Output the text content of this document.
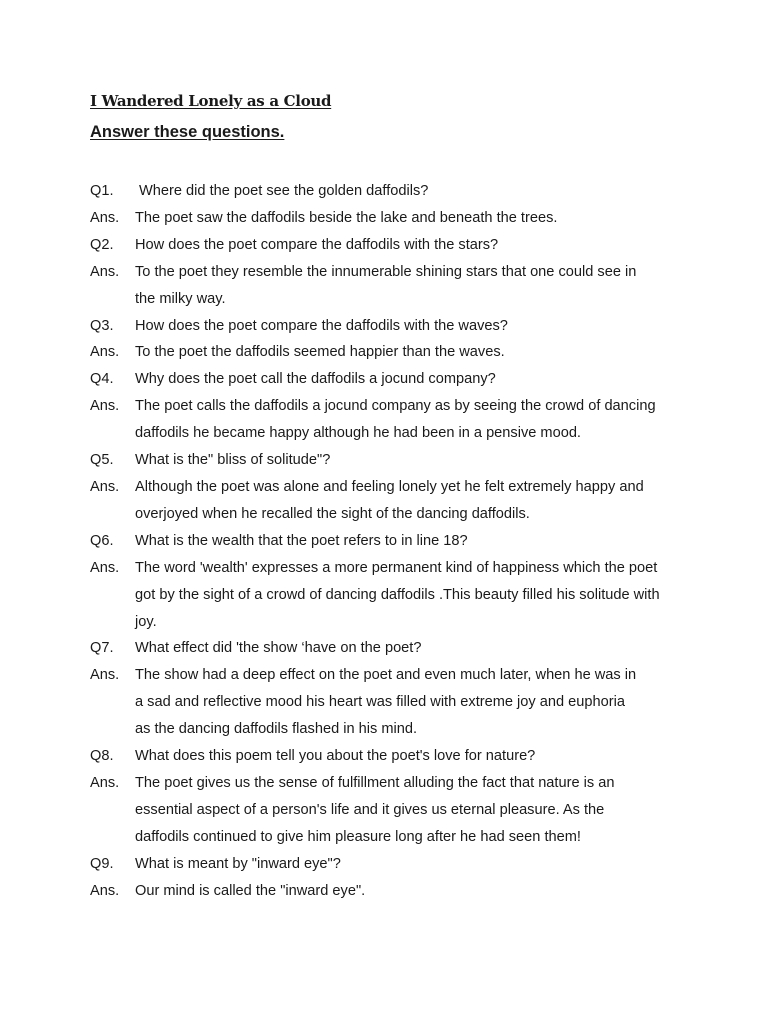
I Wandered Lonely as a Cloud
Answer these questions.
Q1.	Where did the poet see the golden daffodils?
Ans.	The poet saw the daffodils beside the lake and beneath the trees.
Q2.	How does the poet compare the daffodils with the stars?
Ans.	To the poet they resemble the innumerable shining stars that one could see in
the milky way.
Q3.	How does the poet compare the daffodils with the waves?
Ans.	To the poet the daffodils seemed happier than the waves.
Q4.	Why does the poet call the daffodils a jocund company?
Ans.	The poet calls the daffodils a jocund company as by seeing the crowd of dancing
daffodils he became happy although he had been in a pensive mood.
Q5.	What is the" bliss of solitude"?
Ans.	Although the poet was alone and feeling lonely yet he felt extremely happy and
overjoyed when he recalled the sight of the dancing daffodils.
Q6.	What is the wealth that the poet refers to in line 18?
Ans.	The word 'wealth' expresses a more permanent kind of happiness which the poet
got by the sight of a crowd of dancing daffodils .This beauty filled his solitude with
joy.
Q7.	What effect did 'the show ‘have on the poet?
Ans.	The show had a deep effect on the poet and even much later, when he was in
a sad and reflective mood his heart was filled with extreme joy and euphoria
as the dancing daffodils flashed in his mind.
Q8.	What does this poem tell you about the poet's love for nature?
Ans.	The poet gives us the sense of fulfillment alluding the fact that nature is an
essential aspect of a person's life and it gives us eternal pleasure. As the
daffodils continued to give him pleasure long after he had seen them!
Q9.	What is meant by "inward eye"?
Ans.	Our mind is called the "inward eye".
